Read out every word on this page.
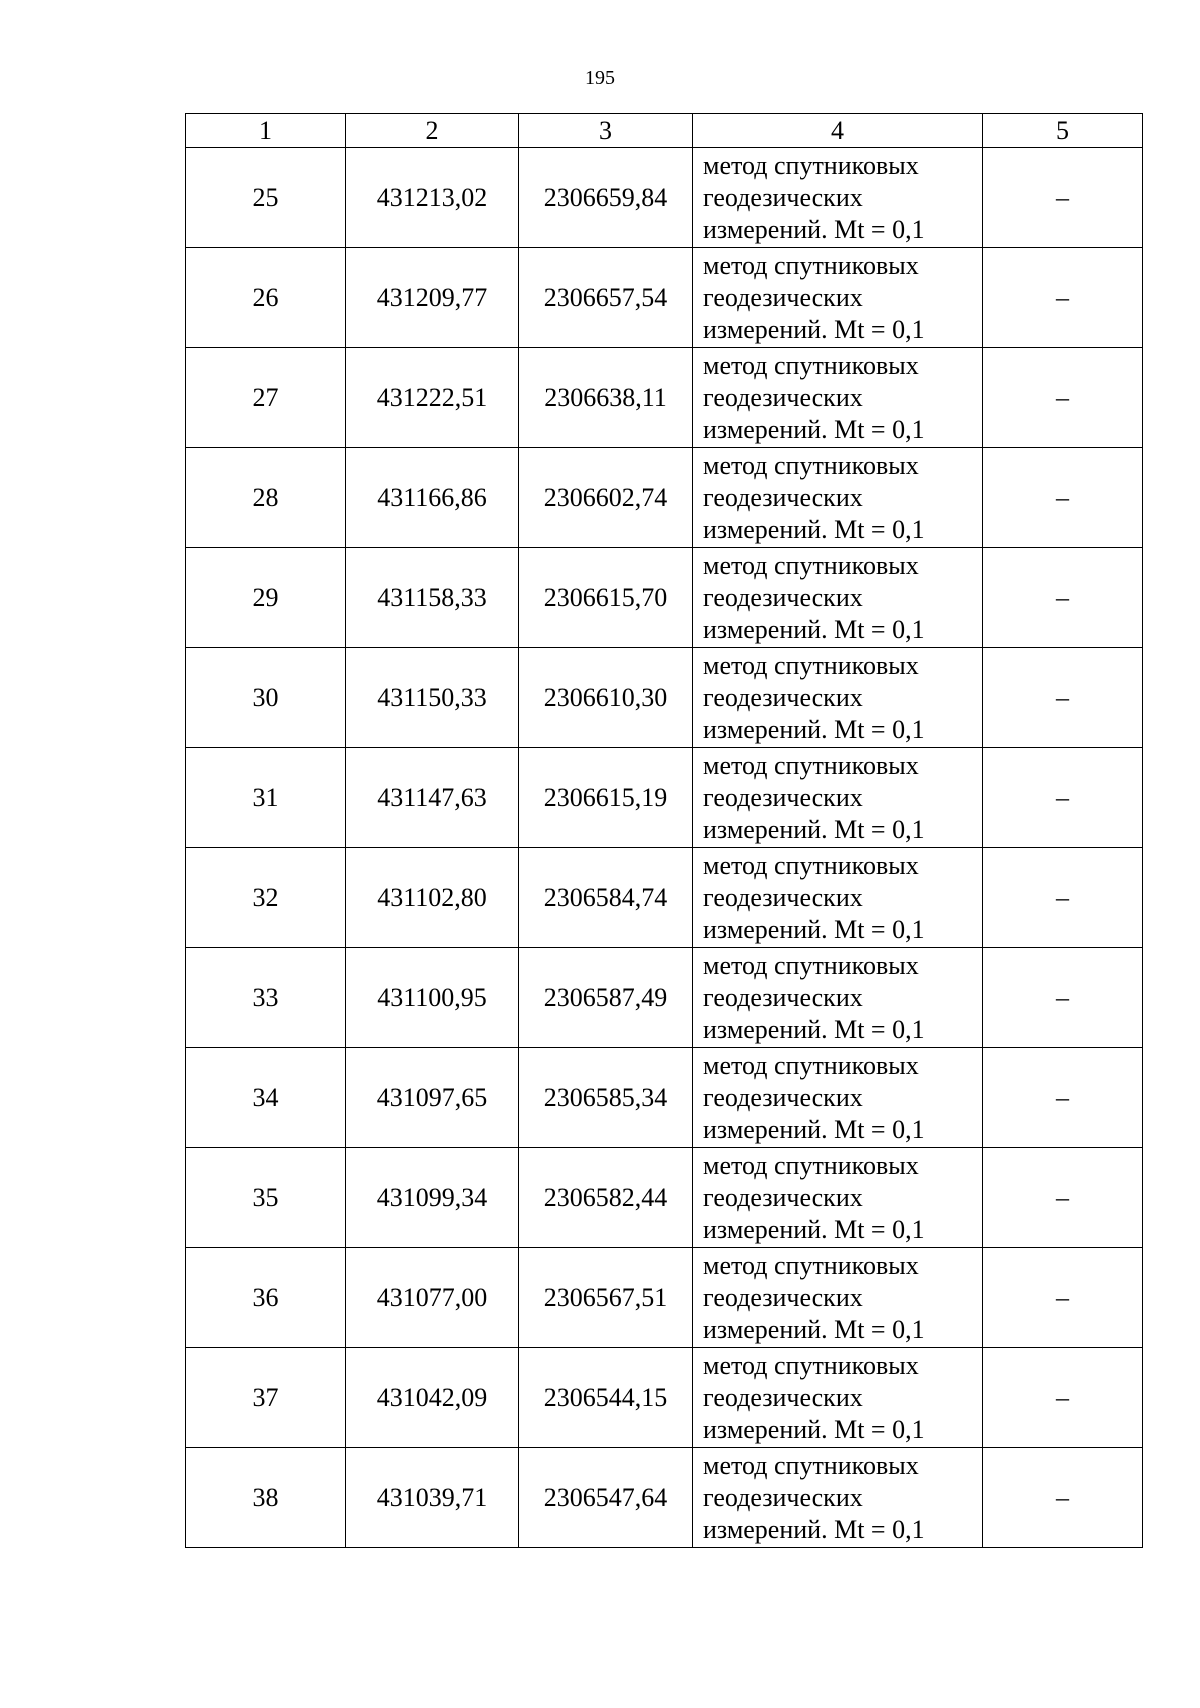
195
1	2	3	4	5
25	431213,02	2306659,84	метод спутниковых
геодезических
измерений. Mt = 0,1	–
26	431209,77	2306657,54	метод спутниковых
геодезических
измерений. Mt = 0,1	–
27	431222,51	2306638,11	метод спутниковых
геодезических
измерений. Mt = 0,1	–
28	431166,86	2306602,74	метод спутниковых
геодезических
измерений. Mt = 0,1	–
29	431158,33	2306615,70	метод спутниковых
геодезических
измерений. Mt = 0,1	–
30	431150,33	2306610,30	метод спутниковых
геодезических
измерений. Mt = 0,1	–
31	431147,63	2306615,19	метод спутниковых
геодезических
измерений. Mt = 0,1	–
32	431102,80	2306584,74	метод спутниковых
геодезических
измерений. Mt = 0,1	–
33	431100,95	2306587,49	метод спутниковых
геодезических
измерений. Mt = 0,1	–
34	431097,65	2306585,34	метод спутниковых
геодезических
измерений. Mt = 0,1	–
35	431099,34	2306582,44	метод спутниковых
геодезических
измерений. Mt = 0,1	–
36	431077,00	2306567,51	метод спутниковых
геодезических
измерений. Mt = 0,1	–
37	431042,09	2306544,15	метод спутниковых
геодезических
измерений. Mt = 0,1	–
38	431039,71	2306547,64	метод спутниковых
геодезических
измерений. Mt = 0,1	–
